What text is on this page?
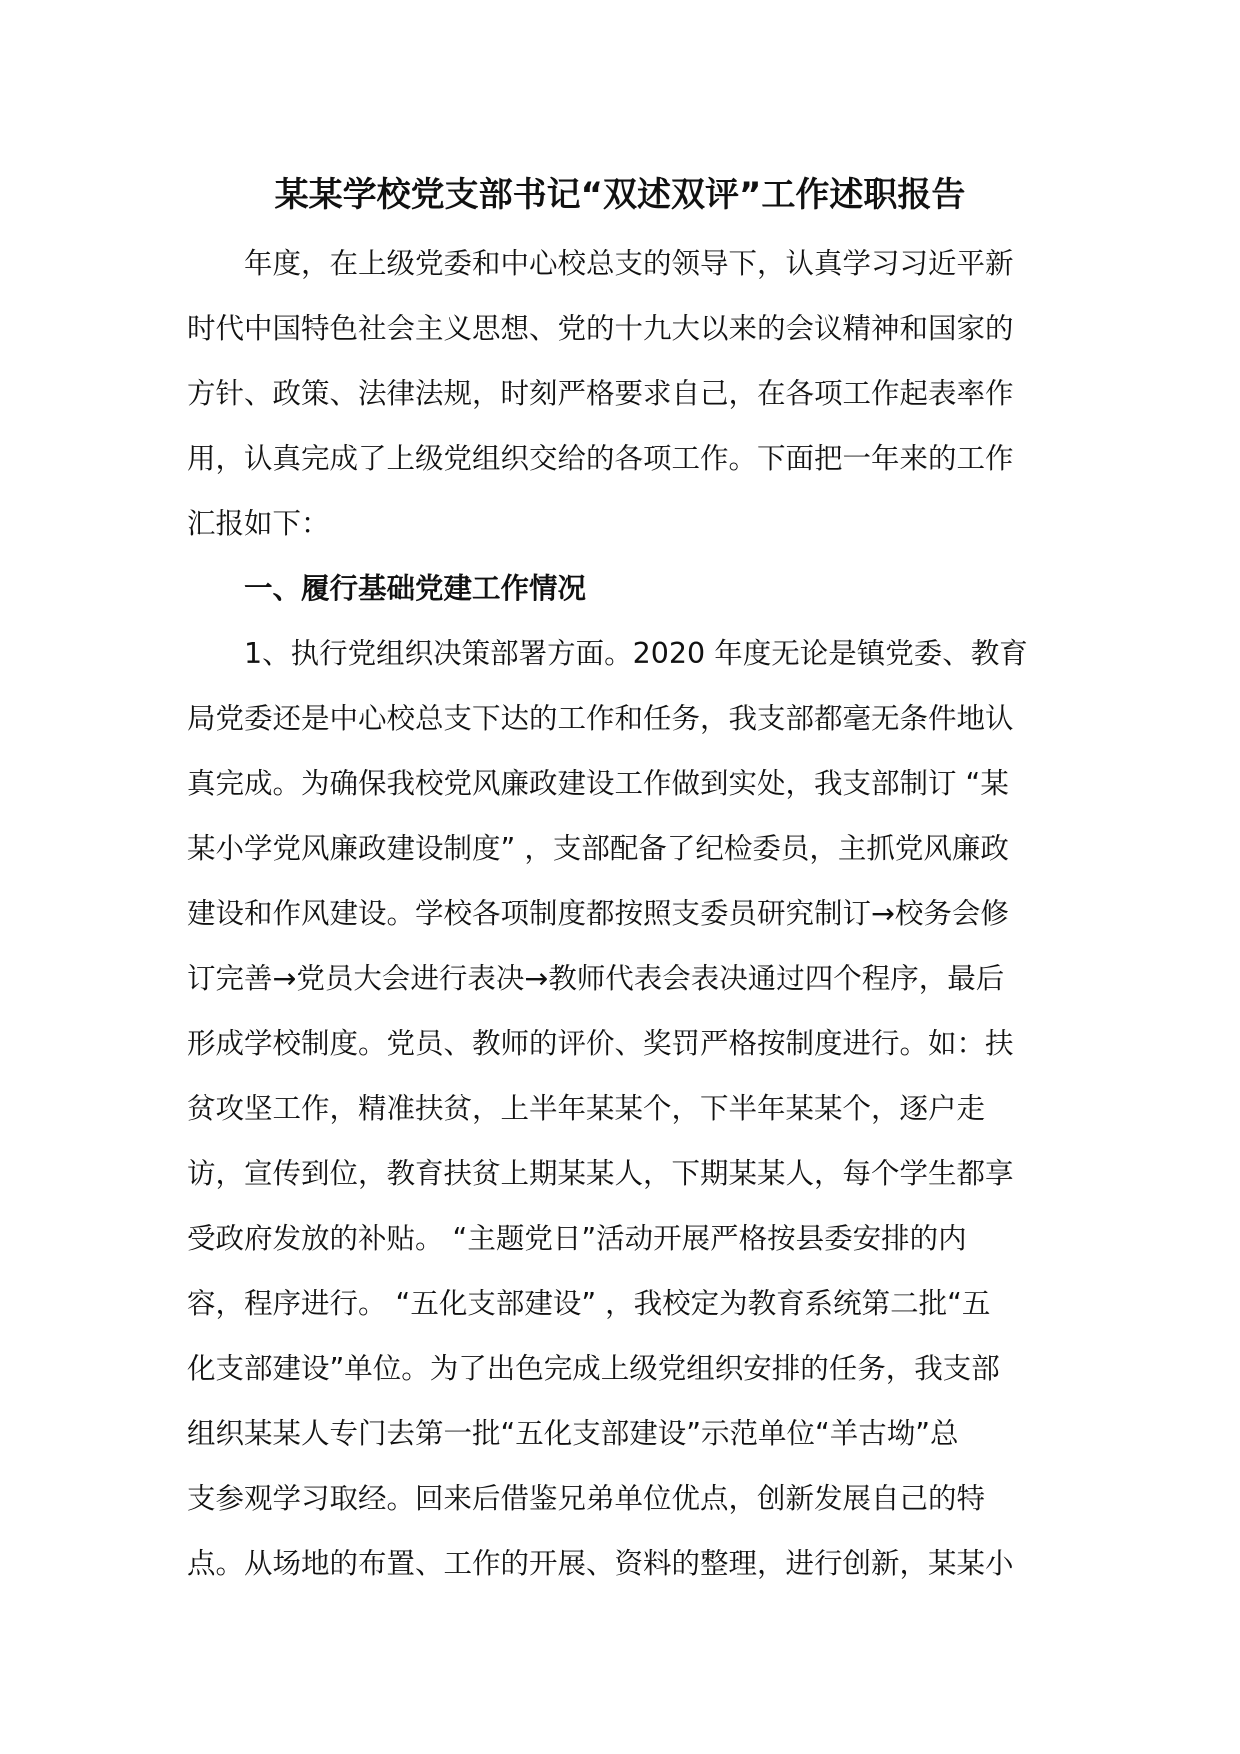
某某学校党支部书记“双述双评”工作述职报告

年度，在上级党委和中心校总支的领导下，认真学习习近平新

时代中国特色社会主义思想、党的十九大以来的会议精神和国家的

方针、政策、法律法规，时刻严格要求自己，在各项工作起表率作

用，认真完成了上级党组织交给的各项工作。下面把一年来的工作

汇报如下：

一、履行基础党建工作情况

1、执行党组织决策部署方面。2020 年度无论是镇党委、教育

局党委还是中心校总支下达的工作和任务，我支部都毫无条件地认

真完成。为确保我校党风廉政建设工作做到实处，我支部制订 “某

某小学党风廉政建设制度” ，支部配备了纪检委员，主抓党风廉政

建设和作风建设。学校各项制度都按照支委员研究制订→校务会修

订完善→党员大会进行表决→教师代表会表决通过四个程序，最后

形成学校制度。党员、教师的评价、奖罚严格按制度进行。如：扶

贫攻坚工作，精准扶贫，上半年某某个，下半年某某个，逐户走

访，宣传到位，教育扶贫上期某某人，下期某某人，每个学生都享

受政府发放的补贴。 “主题党日”活动开展严格按县委安排的内

容，程序进行。 “五化支部建设” ，我校定为教育系统第二批“五

化支部建设”单位。为了出色完成上级党组织安排的任务，我支部

组织某某人专门去第一批“五化支部建设”示范单位“羊古坳”总

支参观学习取经。回来后借鉴兄弟单位优点，创新发展自己的特

点。从场地的布置、工作的开展、资料的整理，进行创新，某某小
